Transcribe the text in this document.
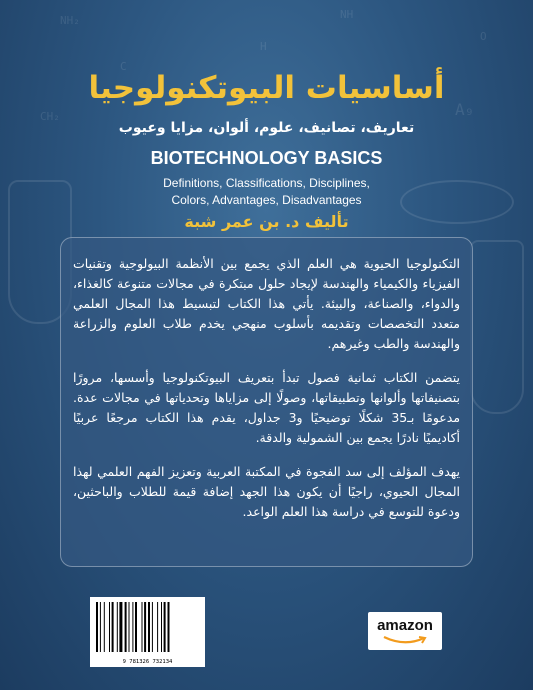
NH
NH₂
H
C
O
A₉
CH₂
أساسيات البيوتكنولوجيا
تعاريف، تصانيف، علوم، ألوان، مزايا وعيوب
BIOTECHNOLOGY BASICS
Definitions, Classifications, Disciplines,
Colors, Advantages, Disadvantages
تأليف د. بن عمر شبة

التكنولوجيا الحيوية هي العلم الذي يجمع بين الأنظمة البيولوجية وتقنيات الفيزياء والكيمياء والهندسة لإيجاد حلول مبتكرة في مجالات متنوعة كالغذاء، والدواء، والصناعة، والبيئة. يأتي هذا الكتاب لتبسيط هذا المجال العلمي متعدد التخصصات وتقديمه بأسلوب منهجي يخدم طلاب العلوم والزراعة والهندسة والطب وغيرهم.

يتضمن الكتاب ثمانية فصول تبدأ بتعريف البيوتكنولوجيا وأسسها، مرورًا بتصنيفاتها وألوانها وتطبيقاتها، وصولًا إلى مزاياها وتحدياتها في مجالات عدة. مدعومًا بـ35 شكلًا توضيحيًا و3 جداول، يقدم هذا الكتاب مرجعًا عربيًا أكاديميًا نادرًا يجمع بين الشمولية والدقة.

يهدف المؤلف إلى سد الفجوة في المكتبة العربية وتعزيز الفهم العلمي لهذا المجال الحيوي، راجيًا أن يكون هذا الجهد إضافة قيمة للطلاب والباحثين، ودعوة للتوسع في دراسة هذا العلم الواعد.

9 781326 732134
amazon
